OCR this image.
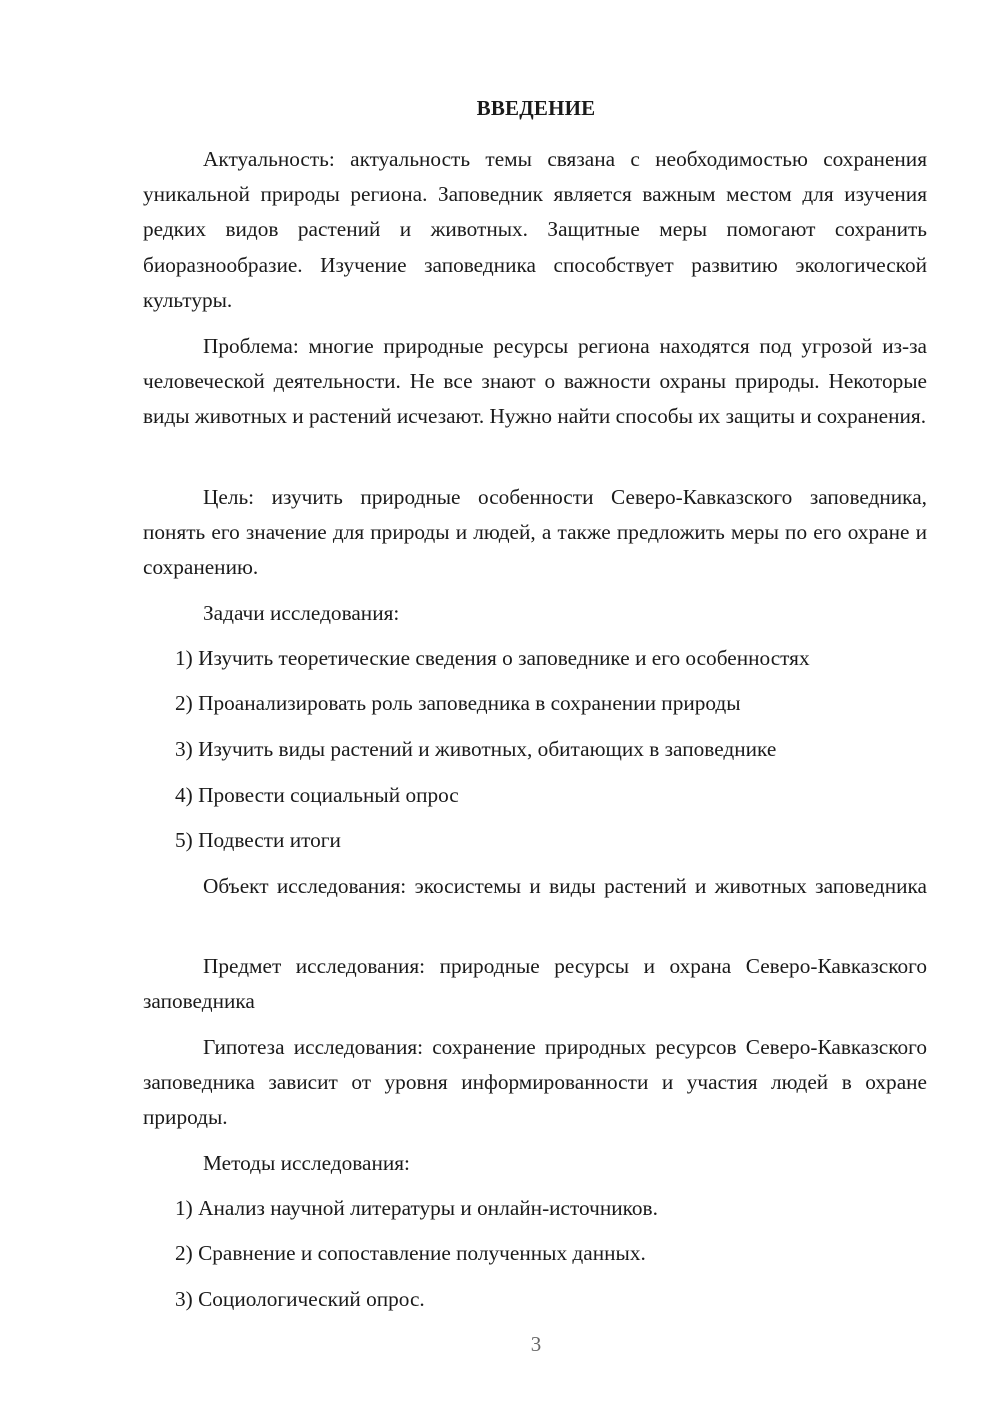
ВВЕДЕНИЕ

Актуальность: актуальность темы связана с необходимостью сохранения уникальной природы региона. Заповедник является важным местом для изучения редких видов растений и животных. Защитные меры помогают сохранить биоразнообразие. Изучение заповедника способствует развитию экологической культуры.

Проблема: многие природные ресурсы региона находятся под угрозой из-за человеческой деятельности. Не все знают о важности охраны природы. Некоторые виды животных и растений исчезают. Нужно найти способы их защиты и сохранения.

Цель: изучить природные особенности Северо-Кавказского заповедника, понять его значение для природы и людей, а также предложить меры по его охране и сохранению.

Задачи исследования:

1) Изучить теоретические сведения о заповеднике и его особенностях

2) Проанализировать роль заповедника в сохранении природы

3) Изучить виды растений и животных, обитающих в заповеднике

4) Провести социальный опрос

5) Подвести итоги

Объект исследования: экосистемы и виды растений и животных заповедника

Предмет исследования: природные ресурсы и охрана Северо-Кавказского заповедника

Гипотеза исследования: сохранение природных ресурсов Северо-Кавказского заповедника зависит от уровня информированности и участия людей в охране природы.

Методы исследования:

1) Анализ научной литературы и онлайн-источников.

2) Сравнение и сопоставление полученных данных.

3) Социологический опрос.

3
